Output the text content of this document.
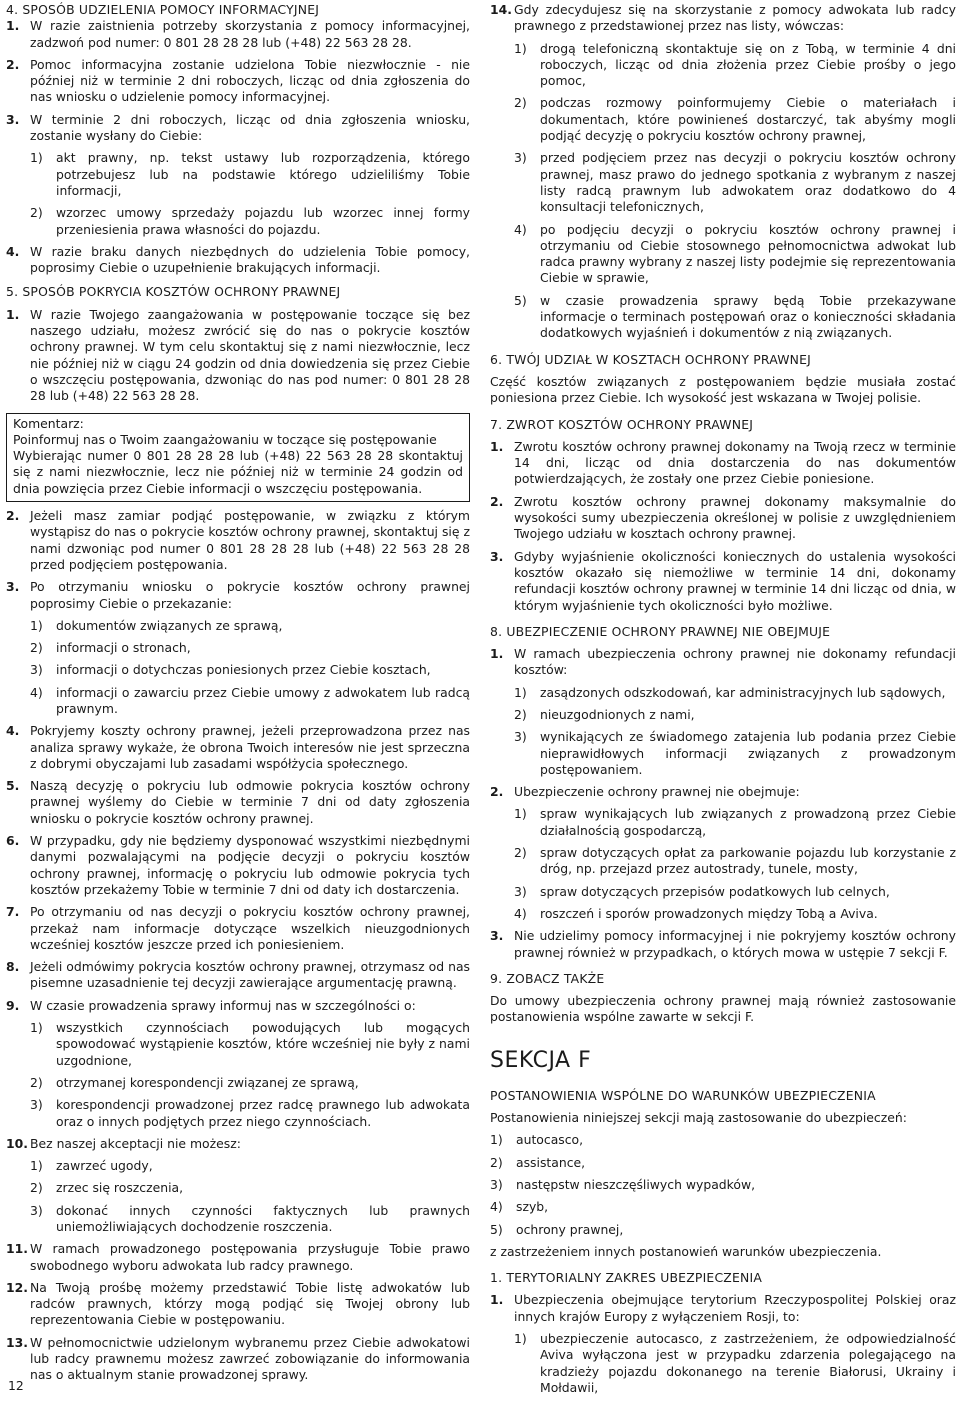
4. SPOSÓB UDZIELENIA POMOCY INFORMACYJNEJ

1. W razie zaistnienia potrzeby skorzystania z pomocy informacyjnej, zadzwoń pod numer: 0 801 28 28 28 lub (+48) 22 563 28 28.
2. Pomoc informacyjna zostanie udzielona Tobie niezwłocznie - nie później niż w terminie 2 dni roboczych, licząc od dnia zgłoszenia do nas wniosku o udzielenie pomocy informacyjnej.
3. W terminie 2 dni roboczych, licząc od dnia zgłoszenia wniosku, zostanie wysłany do Ciebie:
1)	akt prawny, np. tekst ustawy lub rozporządzenia, którego potrzebujesz lub na podstawie którego udzieliliśmy Tobie informacji,
2)	wzorzec umowy sprzedaży pojazdu lub wzorzec innej formy przeniesienia prawa własności do pojazdu.
4. W razie braku danych niezbędnych do udzielenia Tobie pomocy, poprosimy Ciebie o uzupełnienie brakujących informacji.

5. SPOSÓB POKRYCIA KOSZTÓW OCHRONY PRAWNEJ

1. W razie Twojego zaangażowania w postępowanie toczące się bez naszego udziału, możesz zwrócić się do nas o pokrycie kosztów ochrony prawnej. W tym celu skontaktuj się z nami niezwłocznie, lecz nie później niż w ciągu 24 godzin od dnia dowiedzenia się przez Ciebie o wszczęciu postępowania, dzwoniąc do nas pod numer: 0 801 28 28 28 lub (+48) 22 563 28 28.
Komentarz:
Poinformuj nas o Twoim zaangażowaniu w toczące się postępowanie
Wybierając numer 0 801 28 28 28 lub (+48) 22 563 28 28 skontaktuj się z nami niezwłocznie, lecz nie później niż w terminie 24 godzin od dnia powzięcia przez Ciebie informacji o wszczęciu postępowania.
2. Jeżeli masz zamiar podjąć postępowanie, w związku z którym wystąpisz do nas o pokrycie kosztów ochrony prawnej, skontaktuj się z nami dzwoniąc pod numer 0 801 28 28 28 lub (+48) 22 563 28 28 przed podjęciem postępowania.
3. Po otrzymaniu wniosku o pokrycie kosztów ochrony prawnej poprosimy Ciebie o przekazanie:
1)	dokumentów związanych ze sprawą,
2)	informacji o stronach,
3)	informacji o dotychczas poniesionych przez Ciebie kosztach,
4)	informacji o zawarciu przez Ciebie umowy z adwokatem lub radcą prawnym.
4. Pokryjemy koszty ochrony prawnej, jeżeli przeprowadzona przez nas analiza sprawy wykaże, że obrona Twoich interesów nie jest sprzeczna z dobrymi obyczajami lub zasadami współżycia społecznego.
5. Naszą decyzję o pokryciu lub odmowie pokrycia kosztów ochrony prawnej wyślemy do Ciebie w terminie 7 dni od daty zgłoszenia wniosku o pokrycie kosztów ochrony prawnej.
6. W przypadku, gdy nie będziemy dysponować wszystkimi niezbędnymi danymi pozwalającymi na podjęcie decyzji o pokryciu kosztów ochrony prawnej, informację o pokryciu lub odmowie pokrycia tych kosztów przekażemy Tobie w terminie 7 dni od daty ich dostarczenia.
7. Po otrzymaniu od nas decyzji o pokryciu kosztów ochrony prawnej, przekaż nam informacje dotyczące wszelkich nieuzgodnionych wcześniej kosztów jeszcze przed ich poniesieniem.
8. Jeżeli odmówimy pokrycia kosztów ochrony prawnej, otrzymasz od nas pisemne uzasadnienie tej decyzji zawierające argumentację prawną.
9. W czasie prowadzenia sprawy informuj nas w szczególności o:
1)	wszystkich czynnościach powodujących lub mogących spowodować wystąpienie kosztów, które wcześniej nie były z nami uzgodnione,
2)	otrzymanej korespondencji związanej ze sprawą,
3)	korespondencji prowadzonej przez radcę prawnego lub adwokata oraz o innych podjętych przez niego czynnościach.
10. Bez naszej akceptacji nie możesz:
1)	zawrzeć ugody,
2)	zrzec się roszczenia,
3)	dokonać innych czynności faktycznych lub prawnych uniemożliwiających dochodzenie roszczenia.
11. W ramach prowadzonego postępowania przysługuje Tobie prawo swobodnego wyboru adwokata lub radcy prawnego.
12. Na Twoją prośbę możemy przedstawić Tobie listę adwokatów lub radców prawnych, którzy mogą podjąć się Twojej obrony lub reprezentowania Ciebie w postępowaniu.
13. W pełnomocnictwie udzielonym wybranemu przez Ciebie adwokatowi lub radcy prawnemu możesz zawrzeć zobowiązanie do informowania nas o aktualnym stanie prowadzonej sprawy.
14. Gdy zdecydujesz się na skorzystanie z pomocy adwokata lub radcy prawnego z przedstawionej przez nas listy, wówczas:
1)	drogą telefoniczną skontaktuje się on z Tobą, w terminie 4 dni roboczych, licząc od dnia złożenia przez Ciebie prośby o jego pomoc,
2)	podczas rozmowy poinformujemy Ciebie o materiałach i dokumentach, które powinieneś dostarczyć, tak abyśmy mogli podjąć decyzję o pokryciu kosztów ochrony prawnej,
3)	przed podjęciem przez nas decyzji o pokryciu kosztów ochrony prawnej, masz prawo do jednego spotkania z wybranym z naszej listy radcą prawnym lub adwokatem oraz dodatkowo do 4 konsultacji telefonicznych,
4)	po podjęciu decyzji o pokryciu kosztów ochrony prawnej i otrzymaniu od Ciebie stosownego pełnomocnictwa adwokat lub radca prawny wybrany z naszej listy podejmie się reprezentowania Ciebie w sprawie,
5)	w czasie prowadzenia sprawy będą Tobie przekazywane informacje o terminach postępowań oraz o konieczności składania dodatkowych wyjaśnień i dokumentów z nią związanych.

6. TWÓJ UDZIAŁ W KOSZTACH OCHRONY PRAWNEJ

Część kosztów związanych z postępowaniem będzie musiała zostać poniesiona przez Ciebie. Ich wysokość jest wskazana w Twojej polisie.

7. ZWROT KOSZTÓW OCHRONY PRAWNEJ

1. Zwrotu kosztów ochrony prawnej dokonamy na Twoją rzecz w terminie 14 dni, licząc od dnia dostarczenia do nas dokumentów potwierdzających, że zostały one przez Ciebie poniesione.
2. Zwrotu kosztów ochrony prawnej dokonamy maksymalnie do wysokości sumy ubezpieczenia określonej w polisie z uwzględnieniem Twojego udziału w kosztach ochrony prawnej.
3. Gdyby wyjaśnienie okoliczności koniecznych do ustalenia wysokości kosztów okazało się niemożliwe w terminie 14 dni, dokonamy refundacji kosztów ochrony prawnej w terminie 14 dni licząc od dnia, w którym wyjaśnienie tych okoliczności było możliwe.

8. UBEZPIECZENIE OCHRONY PRAWNEJ NIE OBEJMUJE

1. W ramach ubezpieczenia ochrony prawnej nie dokonamy refundacji kosztów:
1)	zasądzonych odszkodowań, kar administracyjnych lub sądowych,
2)	nieuzgodnionych z nami,
3)	wynikających ze świadomego zatajenia lub podania przez Ciebie nieprawidłowych informacji związanych z prowadzonym postępowaniem.
2. Ubezpieczenie ochrony prawnej nie obejmuje:
1)	spraw wynikających lub związanych z prowadzoną przez Ciebie działalnością gospodarczą,
2)	spraw dotyczących opłat za parkowanie pojazdu lub korzystanie z dróg, np. przejazd przez autostrady, tunele, mosty,
3)	spraw dotyczących przepisów podatkowych lub celnych,
4)	roszczeń i sporów prowadzonych między Tobą a Aviva.
3. Nie udzielimy pomocy informacyjnej i nie pokryjemy kosztów ochrony prawnej również w przypadkach, o których mowa w ustępie 7 sekcji F.

9. ZOBACZ TAKŻE

Do umowy ubezpieczenia ochrony prawnej mają również zastosowanie postanowienia wspólne zawarte w sekcji F.

SEKCJA F

POSTANOWIENIA WSPÓLNE DO WARUNKÓW UBEZPIECZENIA

Postanowienia niniejszej sekcji mają zastosowanie do ubezpieczeń:

1)	autocasco,
2)	assistance,
3)	następstw nieszczęśliwych wypadków,
4)	szyb,
5)	ochrony prawnej,

z zastrzeżeniem innych postanowień warunków ubezpieczenia.

1. TERYTORIALNY ZAKRES UBEZPIECZENIA

1. Ubezpieczenia obejmujące terytorium Rzeczypospolitej Polskiej oraz innych krajów Europy z wyłączeniem Rosji, to:
1)	ubezpieczenie autocasco, z zastrzeżeniem, że odpowiedzialność Aviva wyłączona jest w przypadku zdarzenia polegającego na kradzieży pojazdu dokonanego na terenie Białorusi, Ukrainy i Mołdawii,
12
